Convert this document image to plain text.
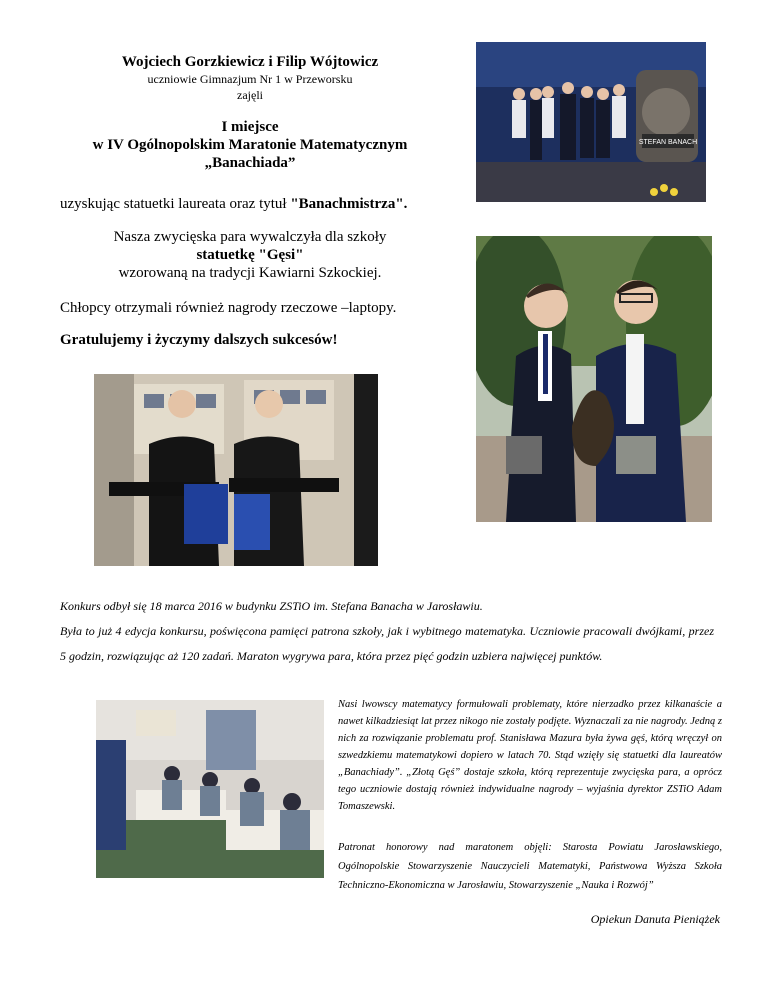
Wojciech Gorzkiewicz i Filip Wójtowicz
uczniowie Gimnazjum Nr 1 w Przeworsku
zajęli
I miejsce
w IV Ogólnopolskim Maratonie Matematycznym
„Banachiada”
uzyskując statuetki laureata oraz tytuł "Banachmistrza".
Nasza zwycięska para wywalczyła dla szkoły
statuetkę "Gęsi"
wzorowaną na tradycji Kawiarni Szkockiej.
Chłopcy otrzymali również nagrody rzeczowe –laptopy.
Gratulujemy i życzymy dalszych sukcesów!
STEFAN BANACH
Konkurs odbył się 18 marca 2016 w budynku ZSTiO im. Stefana Banacha w Jarosławiu.
Była to już 4 edycja konkursu, poświęcona pamięci patrona szkoły, jak i wybitnego matematyka. Uczniowie pracowali dwójkami, przez 5 godzin, rozwiązując aż 120 zadań. Maraton wygrywa para, która przez pięć godzin uzbiera najwięcej punktów.
Nasi lwowscy matematycy formułowali problematy, które nierzadko przez kilkanaście a nawet kilkadziesiąt lat przez nikogo nie zostały podjęte. Wyznaczali za nie nagrody. Jedną z nich za rozwiązanie problematu prof. Stanisława Mazura była żywa gęś, którą wręczył on szwedzkiemu matematykowi dopiero w latach 70. Stąd wzięły się statuetki dla laureatów „Banachiady”. „Złotą Gęś” dostaje szkoła, którą reprezentuje zwycięska para, a oprócz tego uczniowie dostają również indywidualne nagrody – wyjaśnia dyrektor ZSTiO Adam Tomaszewski.
Patronat honorowy nad maratonem objęli: Starosta Powiatu Jarosławskiego, Ogólnopolskie Stowarzyszenie Nauczycieli Matematyki, Państwowa Wyższa Szkoła Techniczno-Ekonomiczna w Jarosławiu, Stowarzyszenie „Nauka i Rozwój”
Opiekun Danuta Pieniążek
